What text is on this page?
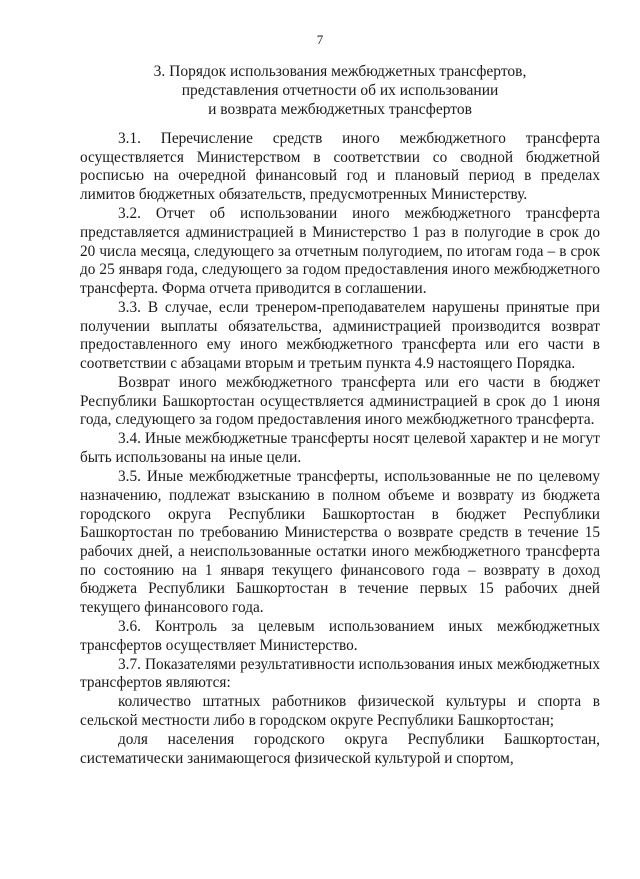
7
3. Порядок использования межбюджетных трансфертов,
представления отчетности об их использовании
и возврата межбюджетных трансфертов

3.1. Перечисление средств иного межбюджетного трансферта осуществляется Министерством в соответствии со сводной бюджетной росписью на очередной финансовый год и плановый период в пределах лимитов бюджетных обязательств, предусмотренных Министерству.

3.2. Отчет об использовании иного межбюджетного трансферта представляется администрацией в Министерство 1 раз в полугодие в срок до 20 числа месяца, следующего за отчетным полугодием, по итогам года – в срок до 25 января года, следующего за годом предоставления иного межбюджетного трансферта. Форма отчета приводится в соглашении.

3.3. В случае, если тренером-преподавателем нарушены принятые при получении выплаты обязательства, администрацией производится возврат предоставленного ему иного межбюджетного трансферта или его части в соответствии с абзацами вторым и третьим пункта 4.9 настоящего Порядка.

Возврат иного межбюджетного трансферта или его части в бюджет Республики Башкортостан осуществляется администрацией в срок до 1 июня года, следующего за годом предоставления иного межбюджетного трансферта.

3.4. Иные межбюджетные трансферты носят целевой характер и не могут быть использованы на иные цели.

3.5. Иные межбюджетные трансферты, использованные не по целевому назначению, подлежат взысканию в полном объеме и возврату из бюджета городского округа Республики Башкортостан в бюджет Республики Башкортостан по требованию Министерства о возврате средств в течение 15 рабочих дней, а неиспользованные остатки иного межбюджетного трансферта по состоянию на 1 января текущего финансового года – возврату в доход бюджета Республики Башкортостан в течение первых 15 рабочих дней текущего финансового года.

3.6. Контроль за целевым использованием иных межбюджетных трансфертов осуществляет Министерство.

3.7. Показателями результативности использования иных межбюджетных трансфертов являются:

количество штатных работников физической культуры и спорта в сельской местности либо в городском округе Республики Башкортостан;

доля населения городского округа Республики Башкортостан, систематически занимающегося физической культурой и спортом,
